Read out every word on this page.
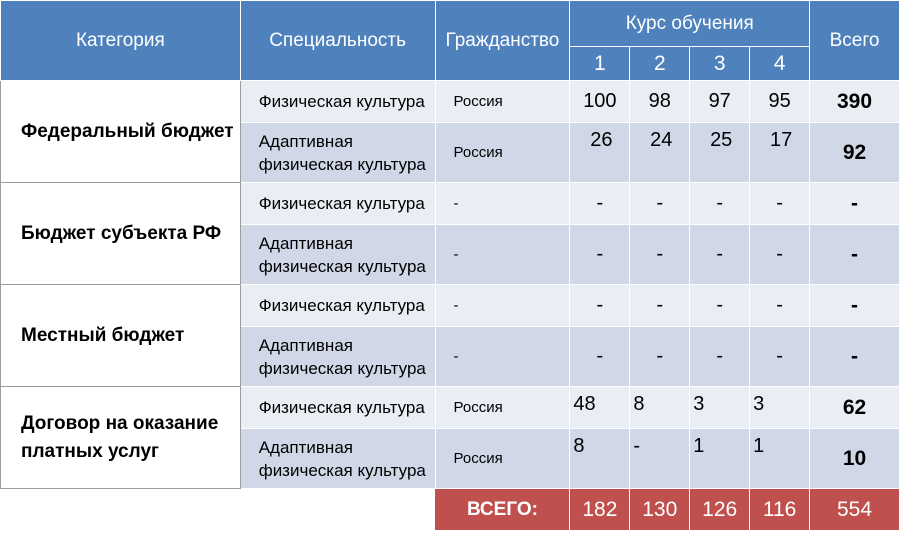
Категория	Специальность	Гражданство	Курс обучения				Всего
			1	2	3	4	
Федеральный бюджет	Физическая культура	Россия	100	98	97	95	390
	Адаптивная физическая культура	Россия	26	24	25	17	92
Бюджет субъекта РФ	Физическая культура	-	-	-	-	-	-
	Адаптивная физическая культура	-	-	-	-	-	-
Местный бюджет	Физическая культура	-	-	-	-	-	-
	Адаптивная физическая культура	-	-	-	-	-	-
Договор на оказание платных услуг	Физическая культура	Россия	48	8	3	3	62
	Адаптивная физическая культура	Россия	8	-	1	1	10
		ВСЕГО:	182	130	126	116	554
